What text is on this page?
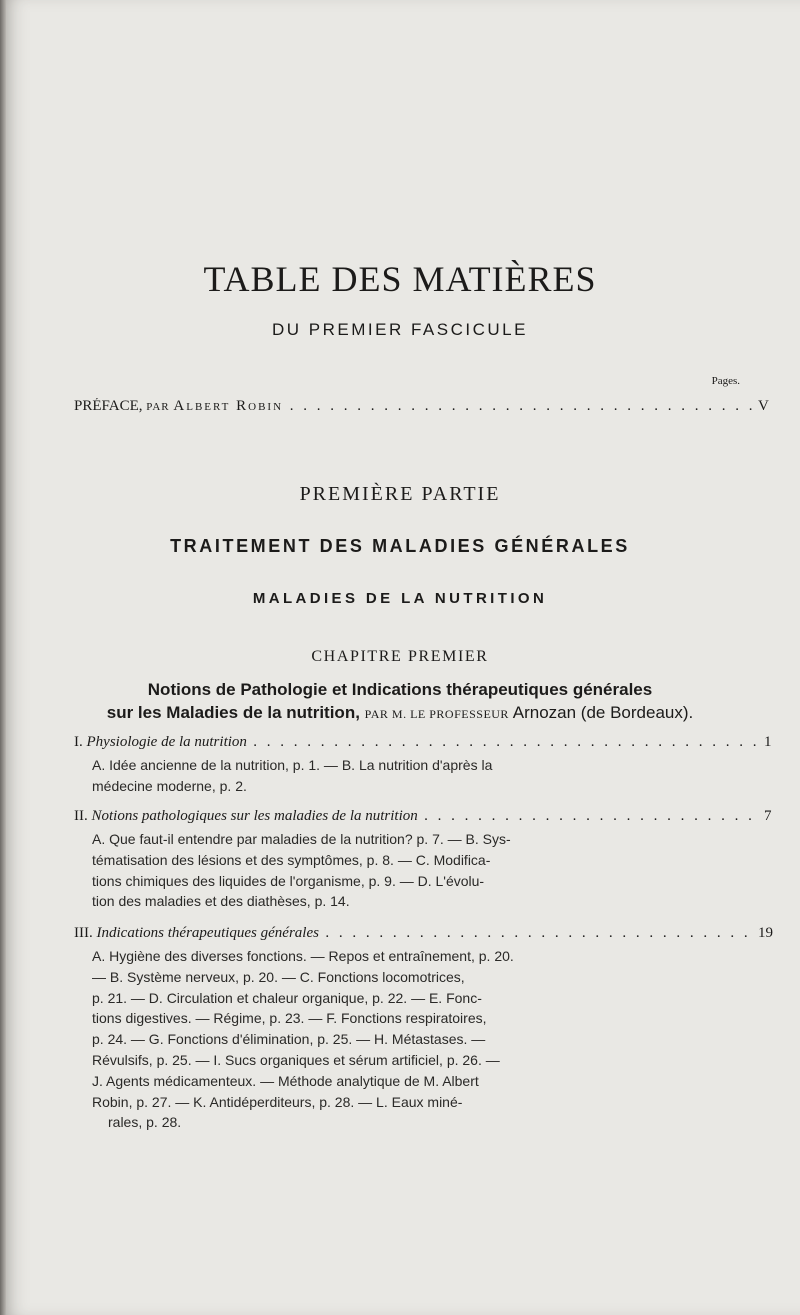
TABLE DES MATIÈRES
DU PREMIER FASCICULE
Pages.
PRÉFACE, PAR Albert Robin . . .	V
PREMIÈRE PARTIE
TRAITEMENT DES MALADIES GÉNÉRALES
MALADIES DE LA NUTRITION
CHAPITRE PREMIER
Notions de Pathologie et Indications thérapeutiques générales
sur les Maladies de la nutrition, PAR M. LE PROFESSEUR Arnozan (de Bordeaux).
I. Physiologie de la nutrition . . .	1
A. Idée ancienne de la nutrition, p. 1. — B. La nutrition d'après la
médecine moderne, p. 2.
II. Notions pathologiques sur les maladies de la nutrition . . .	7
A. Que faut-il entendre par maladies de la nutrition? p. 7. — B. Sys-
tématisation des lésions et des symptômes, p. 8. — C. Modifica-
tions chimiques des liquides de l'organisme, p. 9. — D. L'évolu-
tion des maladies et des diathèses, p. 14.
III. Indications thérapeutiques générales . . .	19
A. Hygiène des diverses fonctions. — Repos et entraînement, p. 20.
— B. Système nerveux, p. 20. — C. Fonctions locomotrices,
p. 21. — D. Circulation et chaleur organique, p. 22. — E. Fonc-
tions digestives. — Régime, p. 23. — F. Fonctions respiratoires,
p. 24. — G. Fonctions d'élimination, p. 25. — H. Métastases. —
Révulsifs, p. 25. — I. Sucs organiques et sérum artificiel, p. 26. —
J. Agents médicamenteux. — Méthode analytique de M. Albert
Robin, p. 27. — K. Antidéperditeurs, p. 28. — L. Eaux miné-
rales, p. 28.
